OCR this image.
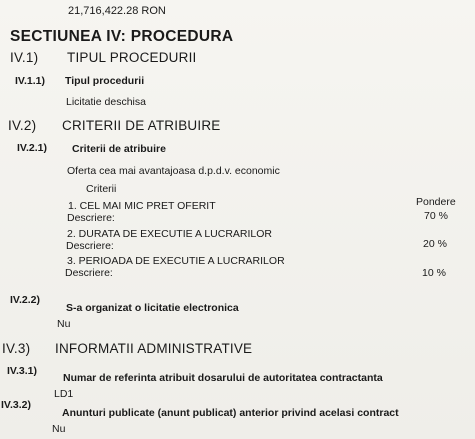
21,716,422.28 RON
SECTIUNEA IV: PROCEDURA
IV.1) TIPUL PROCEDURII
IV.1.1) Tipul procedurii
Licitatie deschisa
IV.2) CRITERII DE ATRIBUIRE
IV.2.1) Criterii de atribuire
Oferta cea mai avantajoasa d.p.d.v. economic
Criterii
Pondere
1. CEL MAI MIC PRET OFERIT
Descriere:	70 %
2. DURATA DE EXECUTIE A LUCRARILOR
Descriere:	20 %
3. PERIOADA DE EXECUTIE A LUCRARILOR
Descriere:	10 %
IV.2.2)
S-a organizat o licitatie electronica
Nu
IV.3) INFORMATII ADMINISTRATIVE
IV.3.1)
Numar de referinta atribuit dosarului de autoritatea contractanta
LD1
IV.3.2)
Anunturi publicate (anunt publicat) anterior privind acelasi contract
Nu
